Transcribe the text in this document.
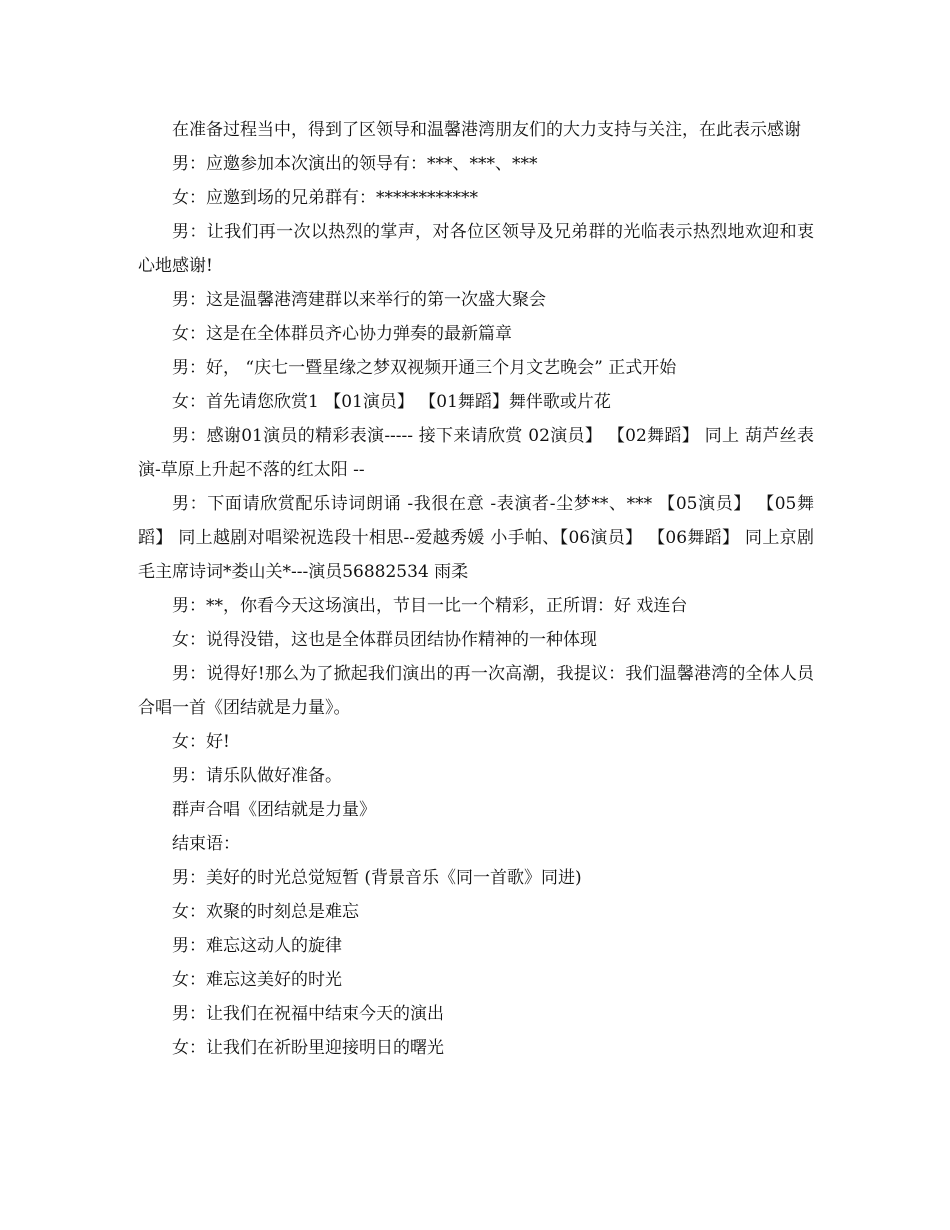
在准备过程当中，得到了区领导和温馨港湾朋友们的大力支持与关注，在此表示感谢

男：应邀参加本次演出的领导有：***、***、***

女：应邀到场的兄弟群有：************

男：让我们再一次以热烈的掌声，对各位区领导及兄弟群的光临表示热烈地欢迎和衷心地感谢!

男：这是温馨港湾建群以来举行的第一次盛大聚会

女：这是在全体群员齐心协力弹奏的最新篇章

男：好， “庆七一暨星缘之梦双视频开通三个月文艺晚会” 正式开始

女：首先请您欣赏1 【01演员】 【01舞蹈】舞伴歌或片花

男：感谢01演员的精彩表演----- 接下来请欣赏 02演员】 【02舞蹈】 同上 葫芦丝表演-草原上升起不落的红太阳 --

男：下面请欣赏配乐诗词朗诵 -我很在意 -表演者-尘梦**、*** 【05演员】 【05舞蹈】 同上越剧对唱梁祝选段十相思--爱越秀媛 小手帕、【06演员】 【06舞蹈】 同上京剧毛主席诗词*娄山关*---演员56882534 雨柔

男：**，你看今天这场演出，节目一比一个精彩，正所谓：好 戏连台

女：说得没错，这也是全体群员团结协作精神的一种体现

男：说得好!那么为了掀起我们演出的再一次高潮，我提议：我们温馨港湾的全体人员合唱一首《团结就是力量》。

女：好!

男：请乐队做好准备。

群声合唱《团结就是力量》

结束语：

男：美好的时光总觉短暂 (背景音乐《同一首歌》同进)

女：欢聚的时刻总是难忘

男：难忘这动人的旋律

女：难忘这美好的时光

男：让我们在祝福中结束今天的演出

女：让我们在祈盼里迎接明日的曙光
